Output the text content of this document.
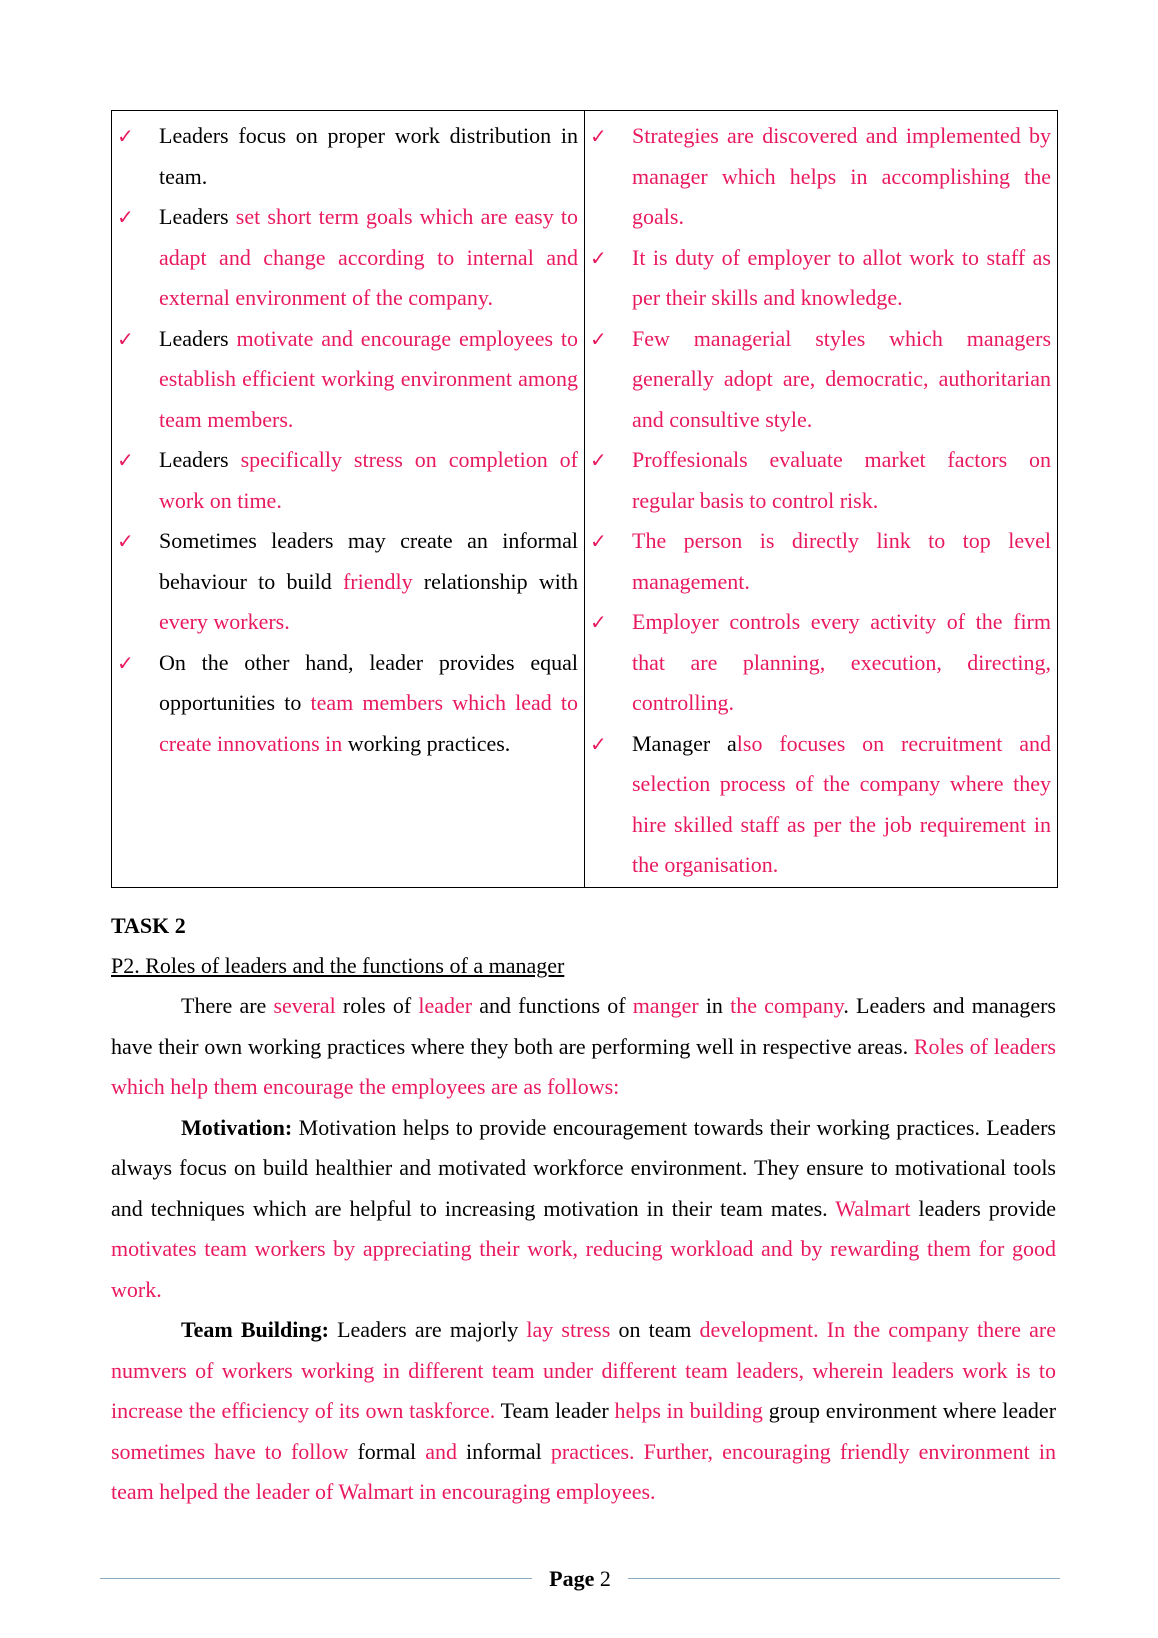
✓	Leaders focus on proper work distribution in team.
✓	Leaders set short term goals which are easy to adapt and change according to internal and external environment of the company.
✓	Leaders motivate and encourage employees to establish efficient working environment among team members.
✓	Leaders specifically stress on completion of work on time.
✓	Sometimes leaders may create an informal behaviour to build friendly relationship with every workers.
✓	On the other hand, leader provides equal opportunities to team members which lead to create innovations in working practices.
✓	Strategies are discovered and implemented by manager which helps in accomplishing the goals.
✓	It is duty of employer to allot work to staff as per their skills and knowledge.
✓	Few managerial styles which managers generally adopt are, democratic, authoritarian and consultive style.
✓	Proffesionals evaluate market factors on regular basis to control risk.
✓	The person is directly link to top level management.
✓	Employer controls every activity of the firm that are planning, execution, directing, controlling.
✓	Manager also focuses on recruitment and selection process of the company where they hire skilled staff as per the job requirement in the organisation.
TASK 2
P2. Roles of leaders and the functions of a manager

There are several roles of leader and functions of manger in the company. Leaders and managers have their own working practices where they both are performing well in respective areas. Roles of leaders which help them encourage the employees are as follows:

Motivation: Motivation helps to provide encouragement towards their working practices. Leaders always focus on build healthier and motivated workforce environment. They ensure to motivational tools and techniques which are helpful to increasing motivation in their team mates. Walmart leaders provide motivates team workers by appreciating their work, reducing workload and by rewarding them for good work.

Team Building: Leaders are majorly lay stress on team development. In the company there are numvers of workers working in different team under different team leaders, wherein leaders work is to increase the efficiency of its own taskforce. Team leader helps in building group environment where leader sometimes have to follow formal and informal practices. Further, encouraging friendly environment in team helped the leader of Walmart in encouraging employees.

Page 2
